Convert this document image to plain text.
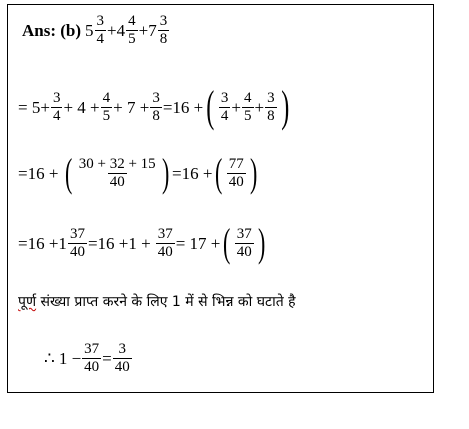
Ans: (b) $5 \frac{3}{4} + 4 \frac{4}{5} + 7 \frac{3}{8}$
= $5 + \frac{3}{4} + 4 + \frac{4}{5} + 7 + \frac{3}{8} =16$ + ( $\frac{3}{4} + \frac{4}{5} + \frac{3}{8}$ )
=16 + ( $\frac{30 + 32 + 15}{40}$ ) =16 + ( $\frac{77}{40}$ )
$=16 +1 \frac{37}{40} =16 +1 + \frac{37}{40} = 17$ + ( $\frac{37}{40}$ )
पूर्ण संख्या प्राप्त करने के लिए 1 में से भिन्न को घटाते है
∴ $1 - \frac{37}{40} = \frac{3}{40}$
